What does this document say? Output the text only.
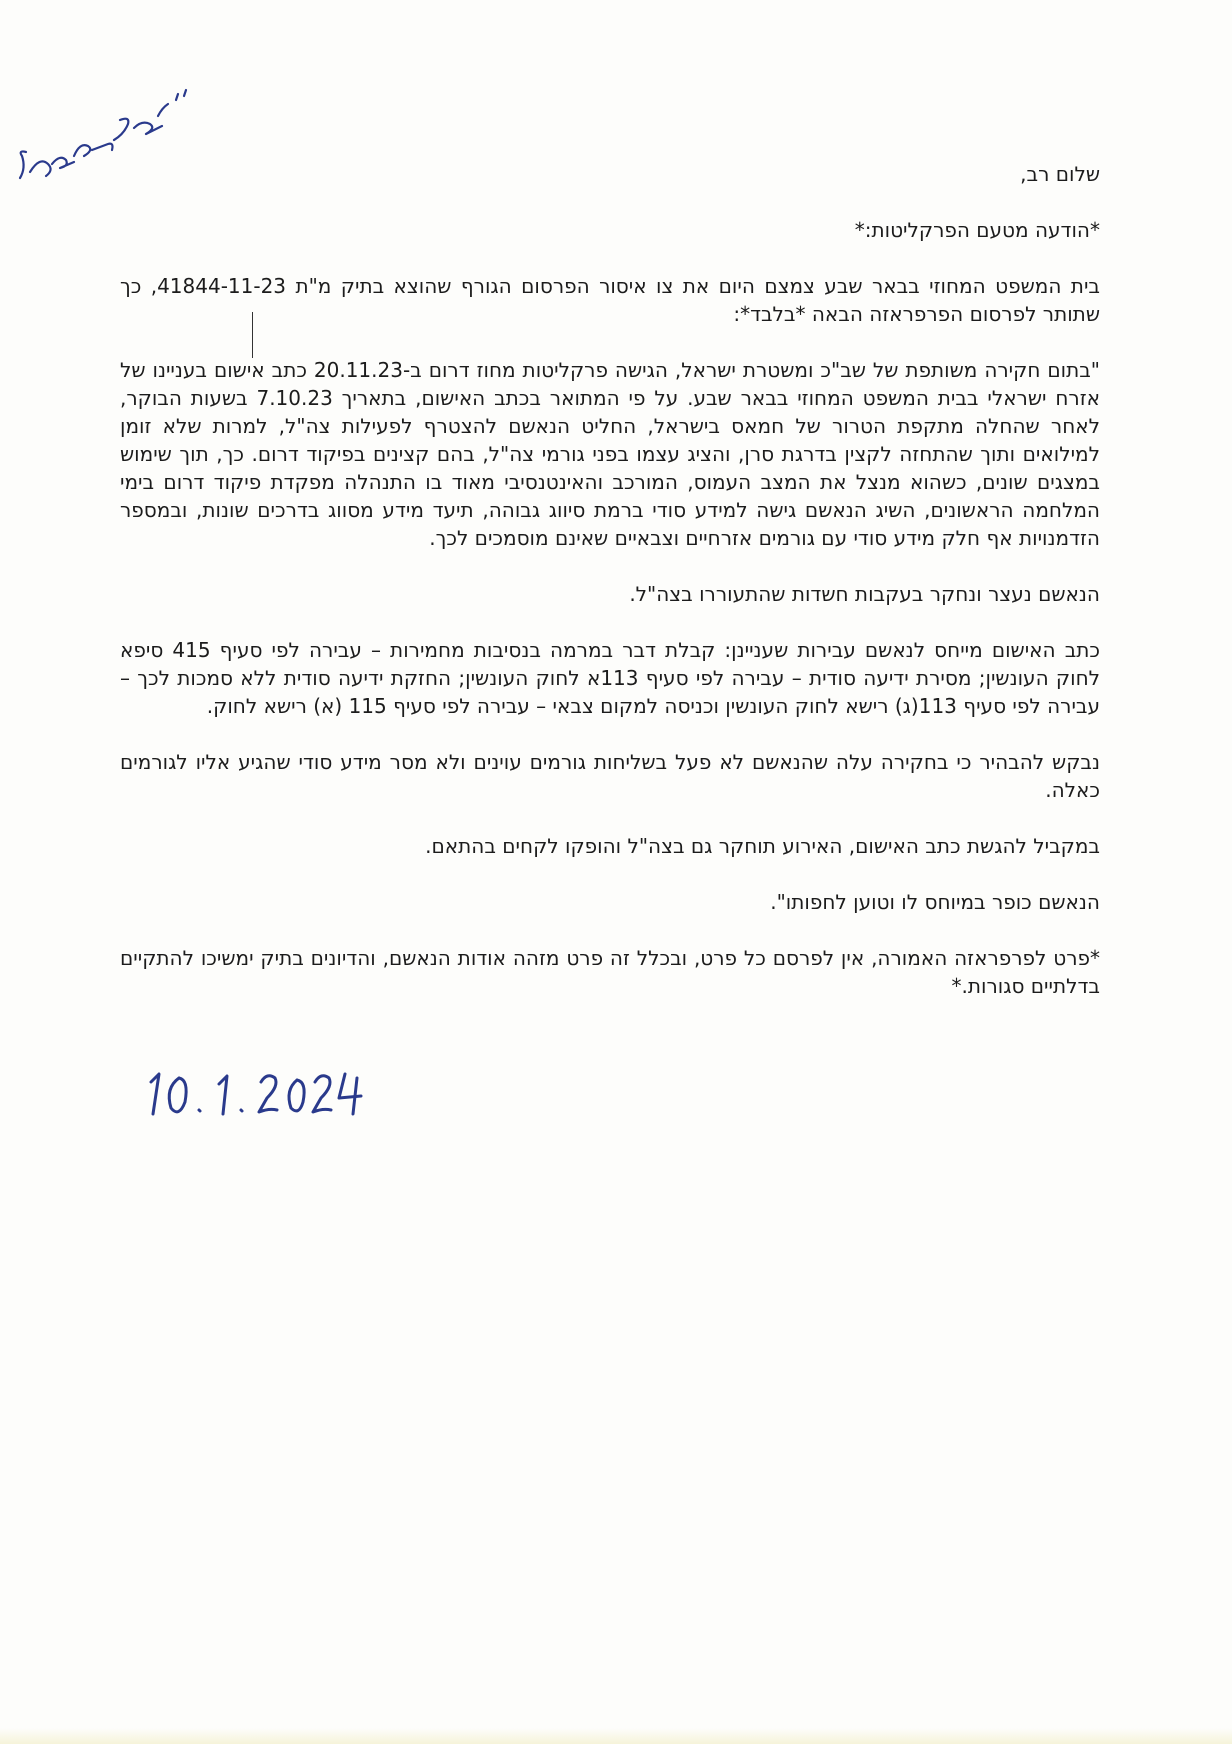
שלום רב,

*הודעה מטעם הפרקליטות:*

בית המשפט המחוזי בבאר שבע צמצם היום את צו איסור הפרסום הגורף שהוצא בתיק מ"ת 41844-11-23, כך שתותר לפרסום הפרפראזה הבאה *בלבד*:

"בתום חקירה משותפת של שב"כ ומשטרת ישראל, הגישה פרקליטות מחוז דרום ב-20.11.23 כתב אישום בעניינו של אזרח ישראלי בבית המשפט המחוזי בבאר שבע. על פי המתואר בכתב האישום, בתאריך 7.10.23 בשעות הבוקר, לאחר שהחלה מתקפת הטרור של חמאס בישראל, החליט הנאשם להצטרף לפעילות צה"ל, למרות שלא זומן למילואים ותוך שהתחזה לקצין בדרגת סרן, והציג עצמו בפני גורמי צה"ל, בהם קצינים בפיקוד דרום. כך, תוך שימוש במצגים שונים, כשהוא מנצל את המצב העמוס, המורכב והאינטנסיבי מאוד בו התנהלה מפקדת פיקוד דרום בימי המלחמה הראשונים, השיג הנאשם גישה למידע סודי ברמת סיווג גבוהה, תיעד מידע מסווג בדרכים שונות, ובמספר הזדמנויות אף חלק מידע סודי עם גורמים אזרחיים וצבאיים שאינם מוסמכים לכך.

הנאשם נעצר ונחקר בעקבות חשדות שהתעוררו בצה"ל.

כתב האישום מייחס לנאשם עבירות שעניינן: קבלת דבר במרמה בנסיבות מחמירות – עבירה לפי סעיף 415 סיפא לחוק העונשין; מסירת ידיעה סודית – עבירה לפי סעיף 113א לחוק העונשין; החזקת ידיעה סודית ללא סמכות לכך – עבירה לפי סעיף 113(ג) רישא לחוק העונשין וכניסה למקום צבאי – עבירה לפי סעיף 115 (א) רישא לחוק.

נבקש להבהיר כי בחקירה עלה שהנאשם לא פעל בשליחות גורמים עוינים ולא מסר מידע סודי שהגיע אליו לגורמים כאלה.

במקביל להגשת כתב האישום, האירוע תוחקר גם בצה"ל והופקו לקחים בהתאם.

הנאשם כופר במיוחס לו וטוען לחפותו".

*פרט לפרפראזה האמורה, אין לפרסם כל פרט, ובכלל זה פרט מזהה אודות הנאשם, והדיונים בתיק ימשיכו להתקיים בדלתיים סגורות.*
